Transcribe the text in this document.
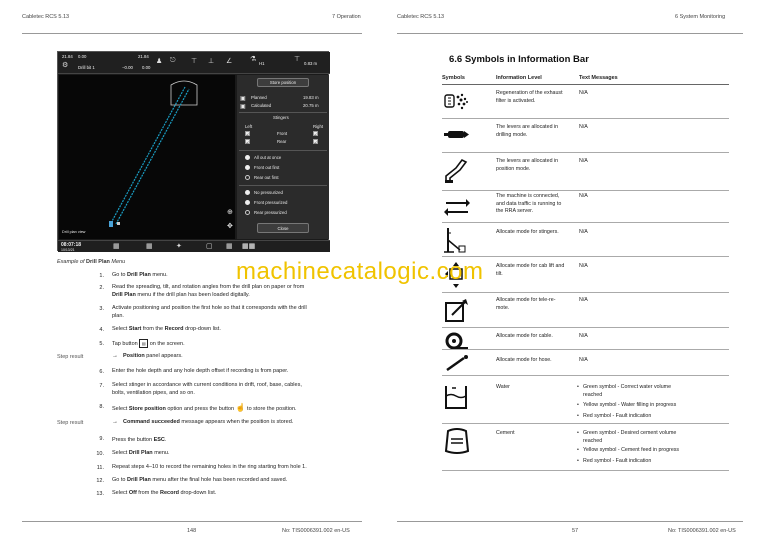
Cabletec RCS 5.13	7 Operation	Cabletec RCS 5.13	6 System Monitoring
21.84 0.00	21.84
⚙ Drill bit 1	−0.00 0.00
♟ ⎋ ⊤ ⊥ ∠	⚗
H1
⊤
0.83 m
⊕
✥
Drill plan view
Store position
▣
▣
Planned	19.83 m
Calculated	20.75 m
Stingers
Left	Right
✓	Front	✓
✓	Rear	✓
All out at once
Front out first
Rear out first
No pressurized
Front pressurized
Rear pressurized
Close
08:07:18
10/13/21	▦	▦	✦	▢ ▦ ▦▦
Example of Drill Plan Menu
1. Go to Drill Plan menu.
2. Read the spreading, tilt, and rotation angles from the drill plan on paper or from
Drill Plan menu if the drill plan has been loaded digitally.
3. Activate positioning and position the first hole so that it corresponds with the drill
plan.
4. Select Start from the Record drop-down list.
5. Tap button ▤ on the screen.
Step result	→ Position panel appears.
6. Enter the hole depth and any hole depth offset if recording is from paper.
7. Select stinger in accordance with current conditions in drift, roof, base, cables,
bolts, ventilation pipes, and so on.
8. Select Store position option and press the button ☝ to store the position.
Step result	→ Command succeeded message appears when the position is stored.
9. Press the button ESC.
10. Select Drill Plan menu.
11. Repeat steps 4–10 to record the remaining holes in the ring starting from hole 1.
12. Go to Drill Plan menu after the final hole has been recorded and saved.
13. Select Off from the Record drop-down list.
6.6 Symbols in Information Bar
Symbols	Information Level	Text Messages
Regeneration of the exhaust
filter is activated.
N/A
The levers are allocated in
drilling mode.
N/A
The levers are allocated in
position mode.
N/A
The machine is connected,
and data traffic is running to
the RRA server.
N/A
Allocate mode for stingers.	N/A
Allocate mode for cab lift and
tilt.
N/A
Allocate mode for tele-re-
mote.
N/A
Allocate mode for cable.	N/A
Allocate mode for hose.	N/A
Water	• Green symbol - Correct water volume
reached
• Yellow symbol - Water filling in progress
• Red symbol - Fault indication
Cement	• Green symbol - Desired cement volume
reached
• Yellow symbol - Cement feed in progress
• Red symbol - Fault indication
machinecatalogic.com
148	No: TIS0006391.002 en-US	57	No: TIS0006391.002 en-US
